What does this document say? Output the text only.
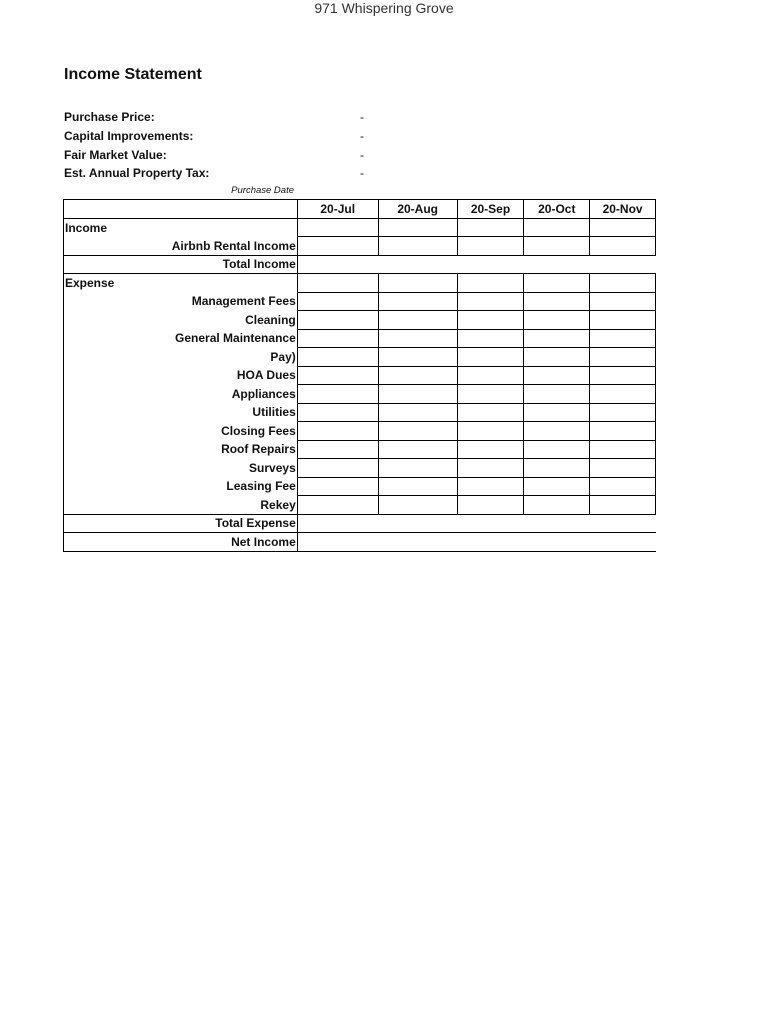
971 Whispering Grove
Income Statement
Purchase Price:	-
Capital Improvements:	-
Fair Market Value:	-
Est. Annual Property Tax:	-
Purchase Date
	20-Jul	20-Aug	20-Sep	20-Oct	20-Nov
Income					
Airbnb Rental Income					
Total Income					
Expense					
Management Fees					
Cleaning					
General Maintenance					
Pay)					
HOA Dues					
Appliances					
Utilities					
Closing Fees					
Roof Repairs					
Surveys					
Leasing Fee					
Rekey					
Total Expense					
Net Income					
